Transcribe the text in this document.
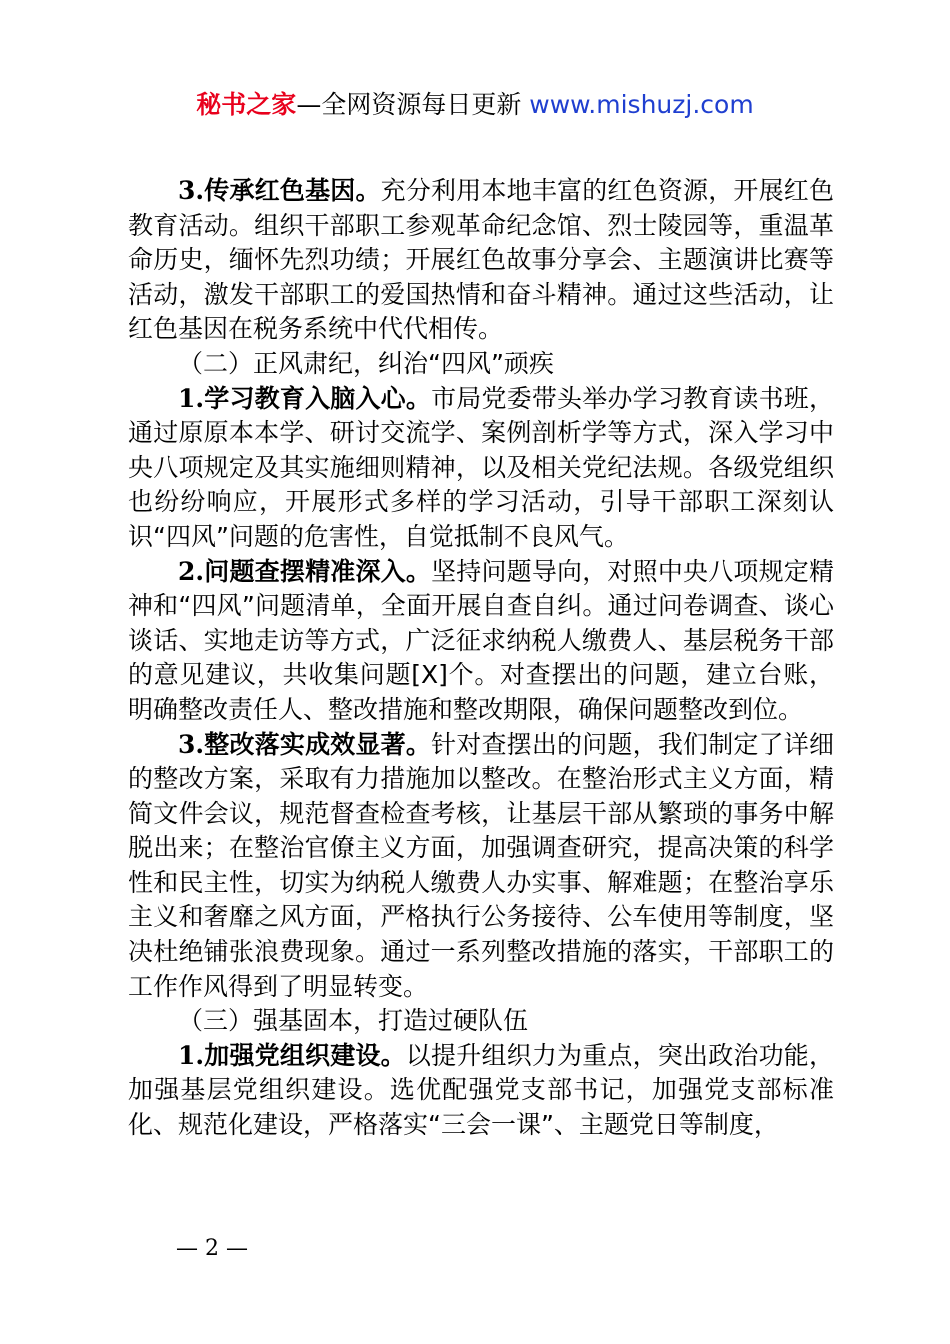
秘书之家—全网资源每日更新 www.mishuzj.com

3.传承红色基因。充分利用本地丰富的红色资源，开展红色教育活动。组织干部职工参观革命纪念馆、烈士陵园等，重温革命历史，缅怀先烈功绩；开展红色故事分享会、主题演讲比赛等活动，激发干部职工的爱国热情和奋斗精神。通过这些活动，让红色基因在税务系统中代代相传。

（二）正风肃纪，纠治“四风”顽疾

1.学习教育入脑入心。市局党委带头举办学习教育读书班，通过原原本本学、研讨交流学、案例剖析学等方式，深入学习中央八项规定及其实施细则精神，以及相关党纪法规。各级党组织也纷纷响应，开展形式多样的学习活动，引导干部职工深刻认识“四风”问题的危害性，自觉抵制不良风气。

2.问题查摆精准深入。坚持问题导向，对照中央八项规定精神和“四风”问题清单，全面开展自查自纠。通过问卷调查、谈心谈话、实地走访等方式，广泛征求纳税人缴费人、基层税务干部的意见建议，共收集问题[X]个。对查摆出的问题，建立台账，明确整改责任人、整改措施和整改期限，确保问题整改到位。

3.整改落实成效显著。针对查摆出的问题，我们制定了详细的整改方案，采取有力措施加以整改。在整治形式主义方面，精简文件会议，规范督查检查考核，让基层干部从繁琐的事务中解脱出来；在整治官僚主义方面，加强调查研究，提高决策的科学性和民主性，切实为纳税人缴费人办实事、解难题；在整治享乐主义和奢靡之风方面，严格执行公务接待、公车使用等制度，坚决杜绝铺张浪费现象。通过一系列整改措施的落实，干部职工的工作作风得到了明显转变。

（三）强基固本，打造过硬队伍

1.加强党组织建设。以提升组织力为重点，突出政治功能，加强基层党组织建设。选优配强党支部书记，加强党支部标准化、规范化建设，严格落实“三会一课”、主题党日等制度，

— 2 —
